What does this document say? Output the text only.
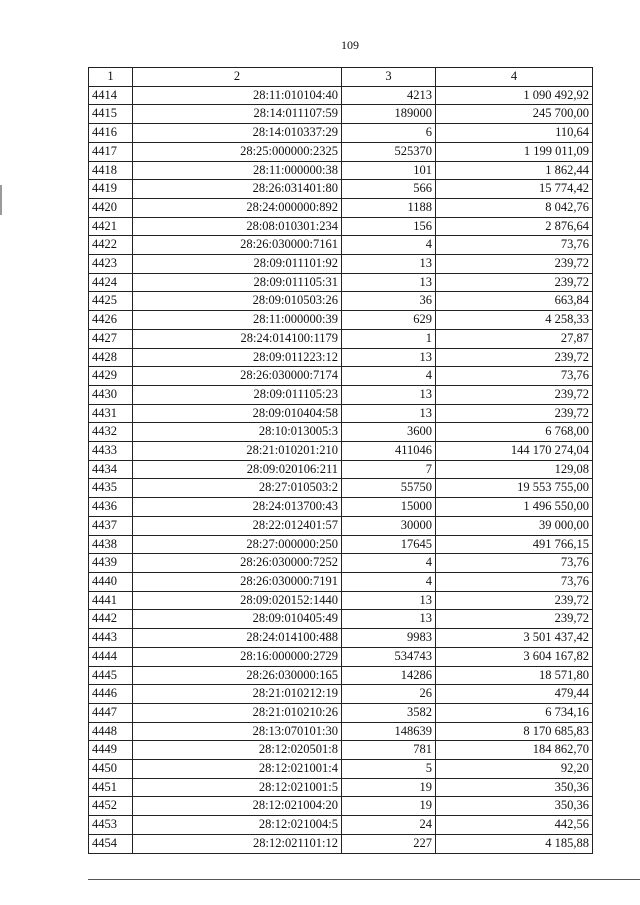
109
1	2	3	4
4414	28:11:010104:40	4213	1 090 492,92
4415	28:14:011107:59	189000	245 700,00
4416	28:14:010337:29	6	110,64
4417	28:25:000000:2325	525370	1 199 011,09
4418	28:11:000000:38	101	1 862,44
4419	28:26:031401:80	566	15 774,42
4420	28:24:000000:892	1188	8 042,76
4421	28:08:010301:234	156	2 876,64
4422	28:26:030000:7161	4	73,76
4423	28:09:011101:92	13	239,72
4424	28:09:011105:31	13	239,72
4425	28:09:010503:26	36	663,84
4426	28:11:000000:39	629	4 258,33
4427	28:24:014100:1179	1	27,87
4428	28:09:011223:12	13	239,72
4429	28:26:030000:7174	4	73,76
4430	28:09:011105:23	13	239,72
4431	28:09:010404:58	13	239,72
4432	28:10:013005:3	3600	6 768,00
4433	28:21:010201:210	411046	144 170 274,04
4434	28:09:020106:211	7	129,08
4435	28:27:010503:2	55750	19 553 755,00
4436	28:24:013700:43	15000	1 496 550,00
4437	28:22:012401:57	30000	39 000,00
4438	28:27:000000:250	17645	491 766,15
4439	28:26:030000:7252	4	73,76
4440	28:26:030000:7191	4	73,76
4441	28:09:020152:1440	13	239,72
4442	28:09:010405:49	13	239,72
4443	28:24:014100:488	9983	3 501 437,42
4444	28:16:000000:2729	534743	3 604 167,82
4445	28:26:030000:165	14286	18 571,80
4446	28:21:010212:19	26	479,44
4447	28:21:010210:26	3582	6 734,16
4448	28:13:070101:30	148639	8 170 685,83
4449	28:12:020501:8	781	184 862,70
4450	28:12:021001:4	5	92,20
4451	28:12:021001:5	19	350,36
4452	28:12:021004:20	19	350,36
4453	28:12:021004:5	24	442,56
4454	28:12:021101:12	227	4 185,88
